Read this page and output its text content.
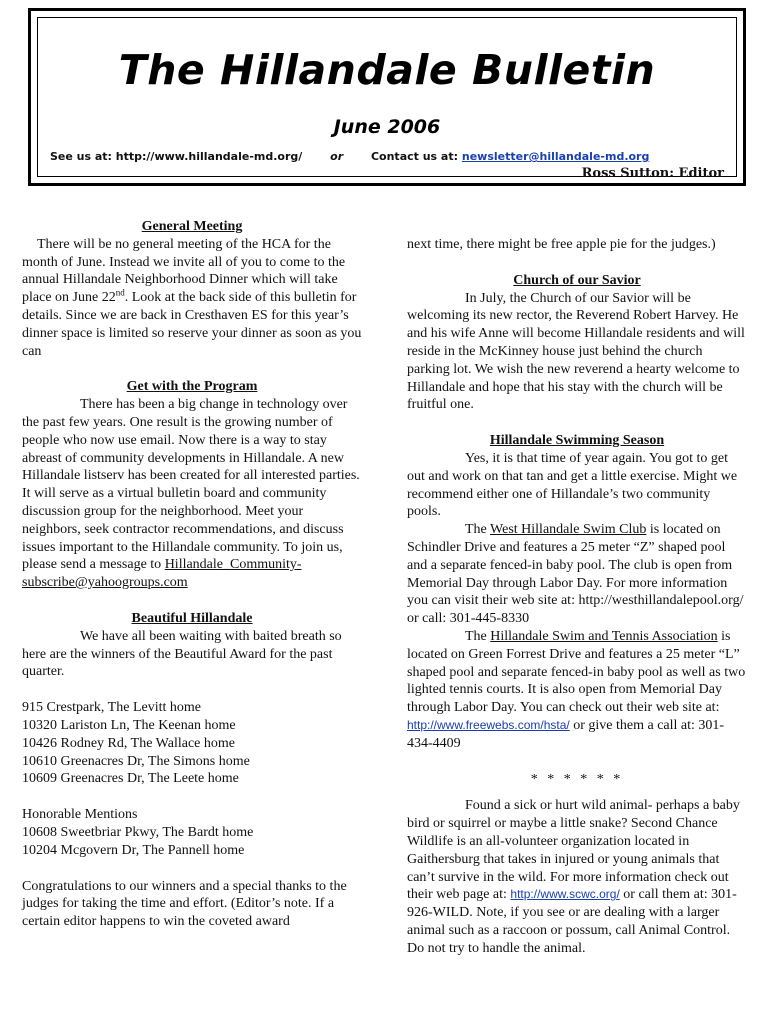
The Hillandale Bulletin
June 2006
See us at: http://www.hillandale-md.org/	or	Contact us at: newsletter@hillandale-md.org
Ross Sutton: Editor

General Meeting

There will be no general meeting of the HCA for the month of June. Instead we invite all of you to come to the annual Hillandale Neighborhood Dinner which will take place on June 22nd. Look at the back side of this bulletin for details. Since we are back in Cresthaven ES for this year’s dinner space is limited so reserve your dinner as soon as you can

Get with the Program

There has been a big change in technology over the past few years. One result is the growing number of people who now use email. Now there is a way to stay abreast of community developments in Hillandale. A new Hillandale listserv has been created for all interested parties. It will serve as a virtual bulletin board and community discussion group for the neighborhood. Meet your neighbors, seek contractor recommendations, and discuss issues important to the Hillandale community. To join us, please send a message to Hillandale_Community-subscribe@yahoogroups.com

Beautiful Hillandale

We have all been waiting with baited breath so here are the winners of the Beautiful Award for the past quarter.

915 Crestpark, The Levitt home

10320 Lariston Ln, The Keenan home

10426 Rodney Rd, The Wallace home

10610 Greenacres Dr, The Simons home

10609 Greenacres Dr, The Leete home

Honorable Mentions

10608 Sweetbriar Pkwy, The Bardt home

10204 Mcgovern Dr, The Pannell home

Congratulations to our winners and a special thanks to the judges for taking the time and effort. (Editor’s note. If a certain editor happens to win the coveted award

next time, there might be free apple pie for the judges.)

Church of our Savior

In July, the Church of our Savior will be welcoming its new rector, the Reverend Robert Harvey. He and his wife Anne will become Hillandale residents and will reside in the McKinney house just behind the church parking lot. We wish the new reverend a hearty welcome to Hillandale and hope that his stay with the church will be fruitful one.

Hillandale Swimming Season

Yes, it is that time of year again. You got to get out and work on that tan and get a little exercise. Might we recommend either one of Hillandale’s two community pools.

The West Hillandale Swim Club is located on Schindler Drive and features a 25 meter “Z” shaped pool and a separate fenced-in baby pool. The club is open from Memorial Day through Labor Day. For more information you can visit their web site at: http://westhillandalepool.org/ or call: 301-445-8330

The Hillandale Swim and Tennis Association is located on Green Forrest Drive and features a 25 meter “L” shaped pool and separate fenced-in baby pool as well as two lighted tennis courts. It is also open from Memorial Day through Labor Day. You can check out their web site at: http://www.freewebs.com/hsta/ or give them a call at: 301-434-4409

* * * * * *

Found a sick or hurt wild animal- perhaps a baby bird or squirrel or maybe a little snake? Second Chance Wildlife is an all-volunteer organization located in Gaithersburg that takes in injured or young animals that can’t survive in the wild. For more information check out their web page at: http://www.scwc.org/ or call them at: 301-926-WILD. Note, if you see or are dealing with a larger animal such as a raccoon or possum, call Animal Control. Do not try to handle the animal.
